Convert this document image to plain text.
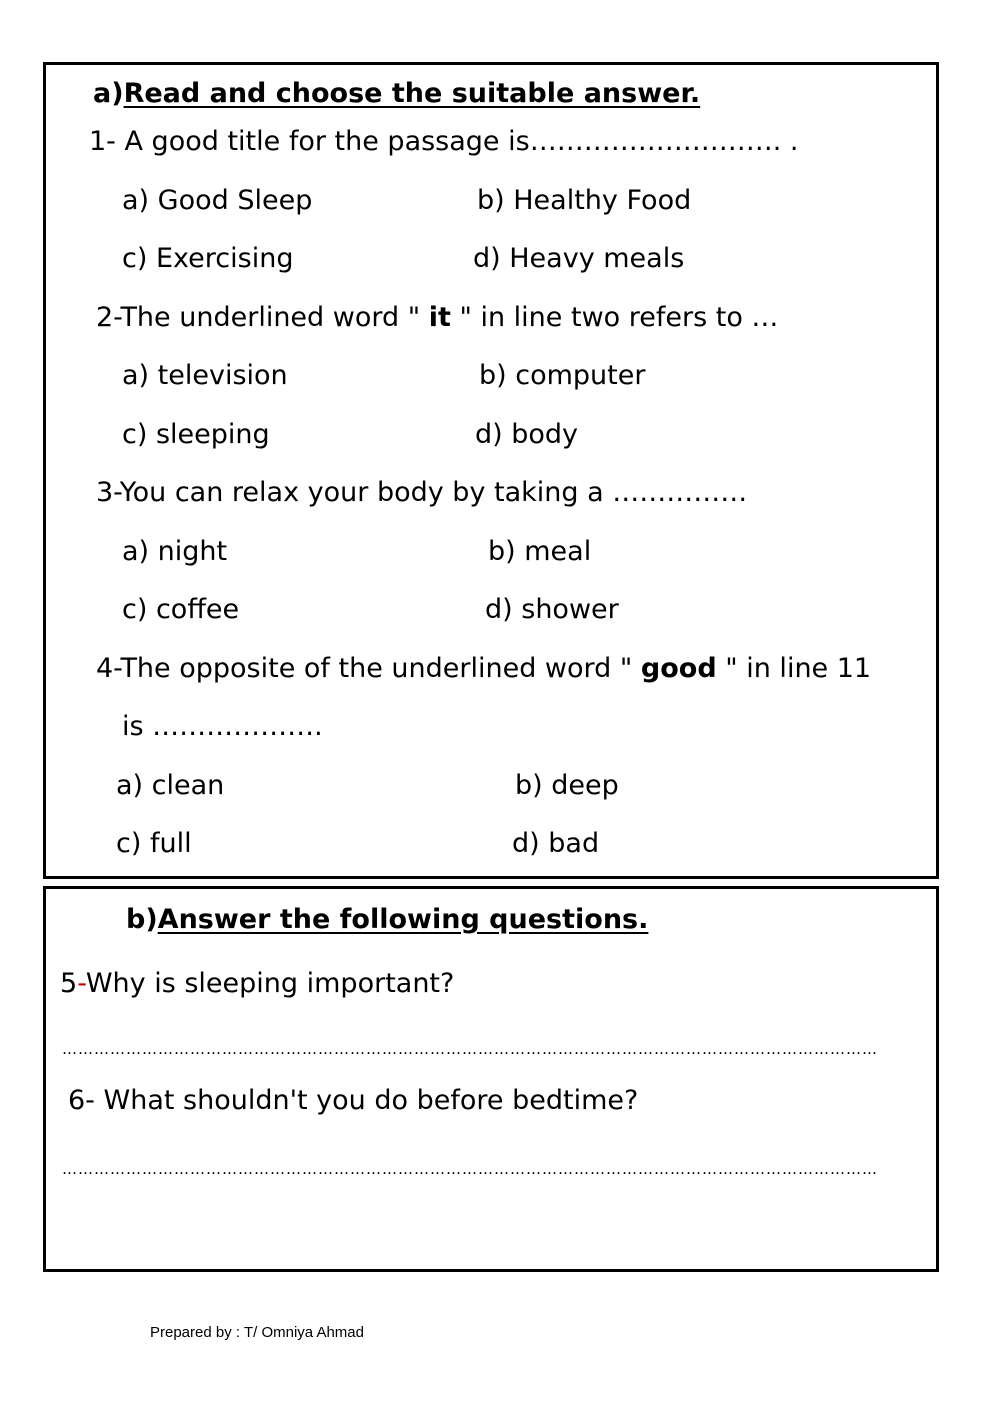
a)Read and choose the suitable answer.
1- A good title for the passage is………………………. .
a) Good Sleep	b) Healthy Food
c) Exercising	d) Heavy meals
2-The underlined word " it " in line two refers to …
a) television	b) computer
c) sleeping	d) body
3-You can relax your body by taking a ……………
a) night	b) meal
c) coffee	d) shower
4-The opposite of the underlined word " good " in line 11
is ……………….
a) clean	b) deep
c) full	d) bad
b)Answer the following questions.
5-Why is sleeping important?
………………………………………………………………………………………………………………………………………
6- What shouldn't you do before bedtime?
………………………………………………………………………………………………………………………………………
Prepared by : T/ Omniya Ahmad
